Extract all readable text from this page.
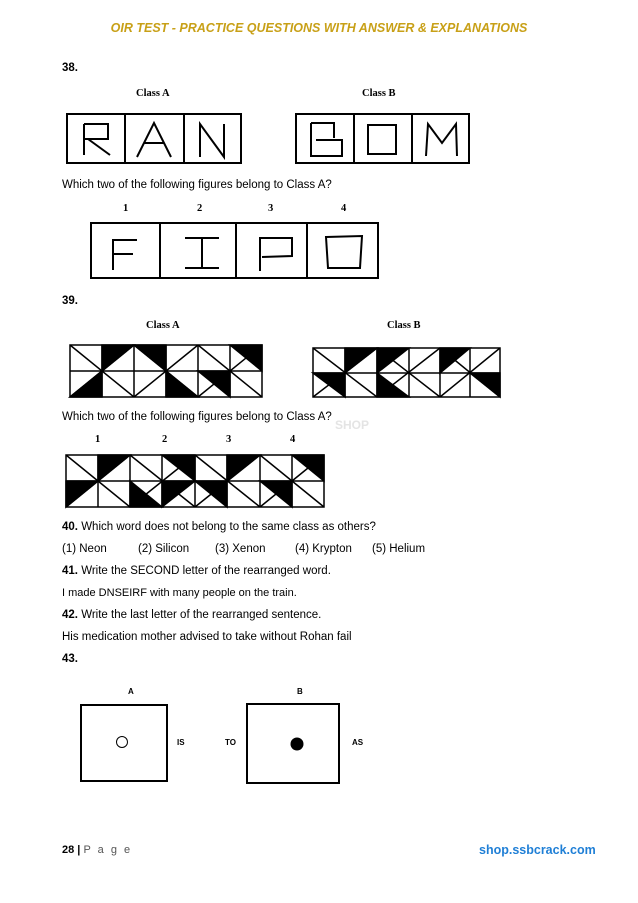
OIR TEST - PRACTICE QUESTIONS WITH ANSWER & EXPLANATIONS
38.
Class A	Class B
Which two of the following figures belong to Class A?
1	2	3	4
39.
Class A	Class B
Which two of the following figures belong to Class A?
SHOP
1	2	3	4
40. Which word does not belong to the same class as others?
(1) Neon	(2) Silicon (3) Xenon	(4) Krypton (5) Helium
41. Write the SECOND letter of the rearranged word.
I made DNSEIRF with many people on the train.
42. Write the last letter of the rearranged sentence.
His medication mother advised to take without Rohan fail
43.
A	B
IS	TO	AS
28 | P a g e	shop.ssbcrack.com
